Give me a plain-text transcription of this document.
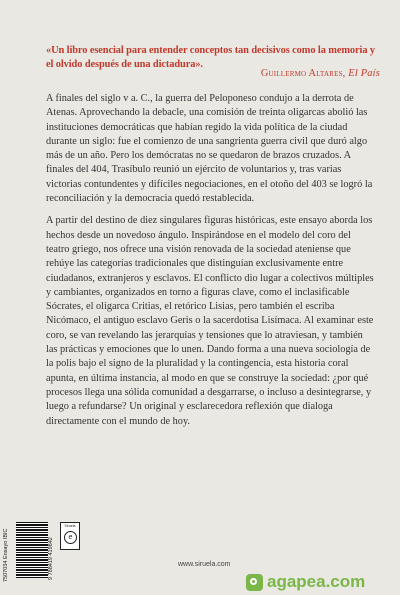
«Un libro esencial para entender conceptos tan decisivos como la memoria y el olvido después de una dictadura».
Guillermo Altares, El País

A finales del siglo v a. C., la guerra del Peloponeso condujo a la derrota de Atenas. Aprovechando la debacle, una comisión de treinta oligarcas abolió las instituciones democráticas que habían regido la vida política de la ciudad durante un siglo: fue el comienzo de una sangrienta guerra civil que duró algo más de un año. Pero los demócratas no se quedaron de brazos cruzados. A finales del 404, Trasíbulo reunió un ejército de voluntarios y, tras varias victorias contundentes y difíciles negociaciones, en el otoño del 403 se logró la reconciliación y la democracia quedó restablecida.

A partir del destino de diez singulares figuras históricas, este ensayo aborda los hechos desde un novedoso ángulo. Inspirándose en el modelo del coro del teatro griego, nos ofrece una visión renovada de la sociedad ateniense que rehúye las categorías tradicionales que distinguían exclusivamente entre ciudadanos, extranjeros y esclavos. El conflicto dio lugar a colectivos múltiples y cambiantes, organizados en torno a figuras clave, como el inclasificable Sócrates, el oligarca Critias, el retórico Lisias, pero también el escriba Nicómaco, el antiguo esclavo Geris o la sacerdotisa Lisímaca. Al examinar este coro, se van revelando las jerarquías y tensiones que lo atraviesan, y también las prácticas y emociones que lo unen. Dando forma a una nueva sociología de la polis bajo el signo de la pluralidad y la contingencia, esta historia coral apunta, en última instancia, al modo en que se construye la sociedad: ¿por qué procesos llega una sólida comunidad a desgarrarse, o incluso a desintegrarse, y luego a refundarse? Un original y esclarecedora reflexión que dialoga directamente con el mundo de hoy.

7507034 Ensayo IBIC	9 788419 419842
Siruela
e
www.siruela.com
agapea.com
